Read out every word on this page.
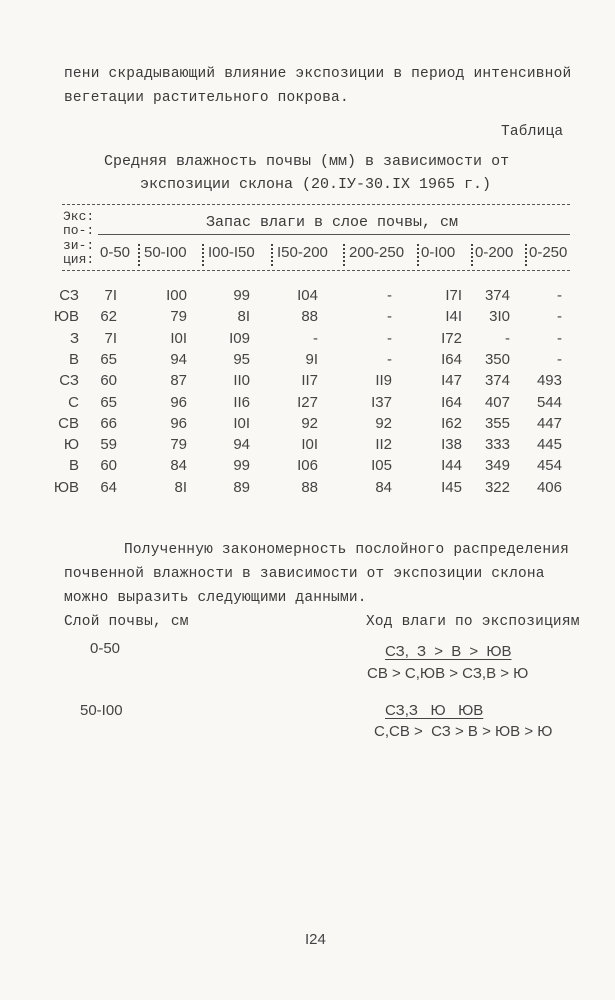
пени скрадывающий влияние экспозиции в период интенсивной
вегетации растительного покрова.
Таблица
Средняя влажность почвы (мм) в зависимости от
экспозиции склона (20.IУ-30.IX 1965 г.)
Экс:
по-:
зи-:
ция:
Запас влаги в слое почвы, см
0-50 50-I00 I00-I50 I50-200 200-250 0-I00 0-200 0-250
СЗ	7I	I00	99	I04	-	I7I	374	-
ЮВ	62	79	8I	88	-	I4I	3I0	-
З	7I	I0I	I09	-	-	I72	-	-
В	65	94	95	9I	-	I64	350	-
СЗ	60	87	II0	II7	II9	I47	374	493
С	65	96	II6	I27	I37	I64	407	544
СВ	66	96	I0I	92	92	I62	355	447
Ю	59	79	94	I0I	II2	I38	333	445
В	60	84	99	I06	I05	I44	349	454
ЮВ	64	8I	89	88	84	I45	322	406
Полученную закономерность послойного распределения
почвенной влажности в зависимости от экспозиции склона
можно выразить следующими данными.
Слой почвы, см	Ход влаги по экспозициям
0-50	СЗ, З > В > ЮВ
СВ > С,ЮВ > СЗ,В > Ю
50-I00	СЗ,З   Ю   ЮВ
С,СВ >  СЗ > В > ЮВ > Ю
I24
